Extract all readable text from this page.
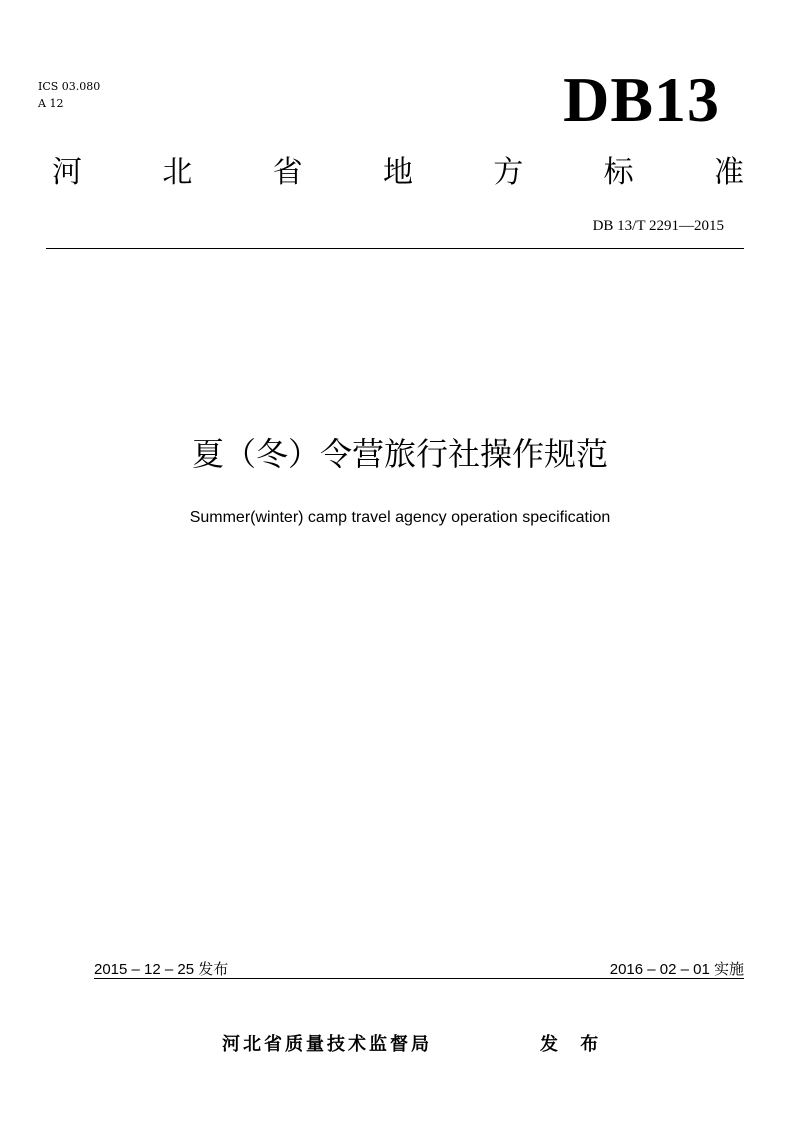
ICS 03.080
A 12	DB13
河	北	省	地	方	标	准
DB 13/T 2291—2015
夏（冬）令营旅行社操作规范
Summer(winter) camp travel agency operation specification
2015 – 12 – 25 发布	2016 – 02 – 01 实施
河北省质量技术监督局	发 布
